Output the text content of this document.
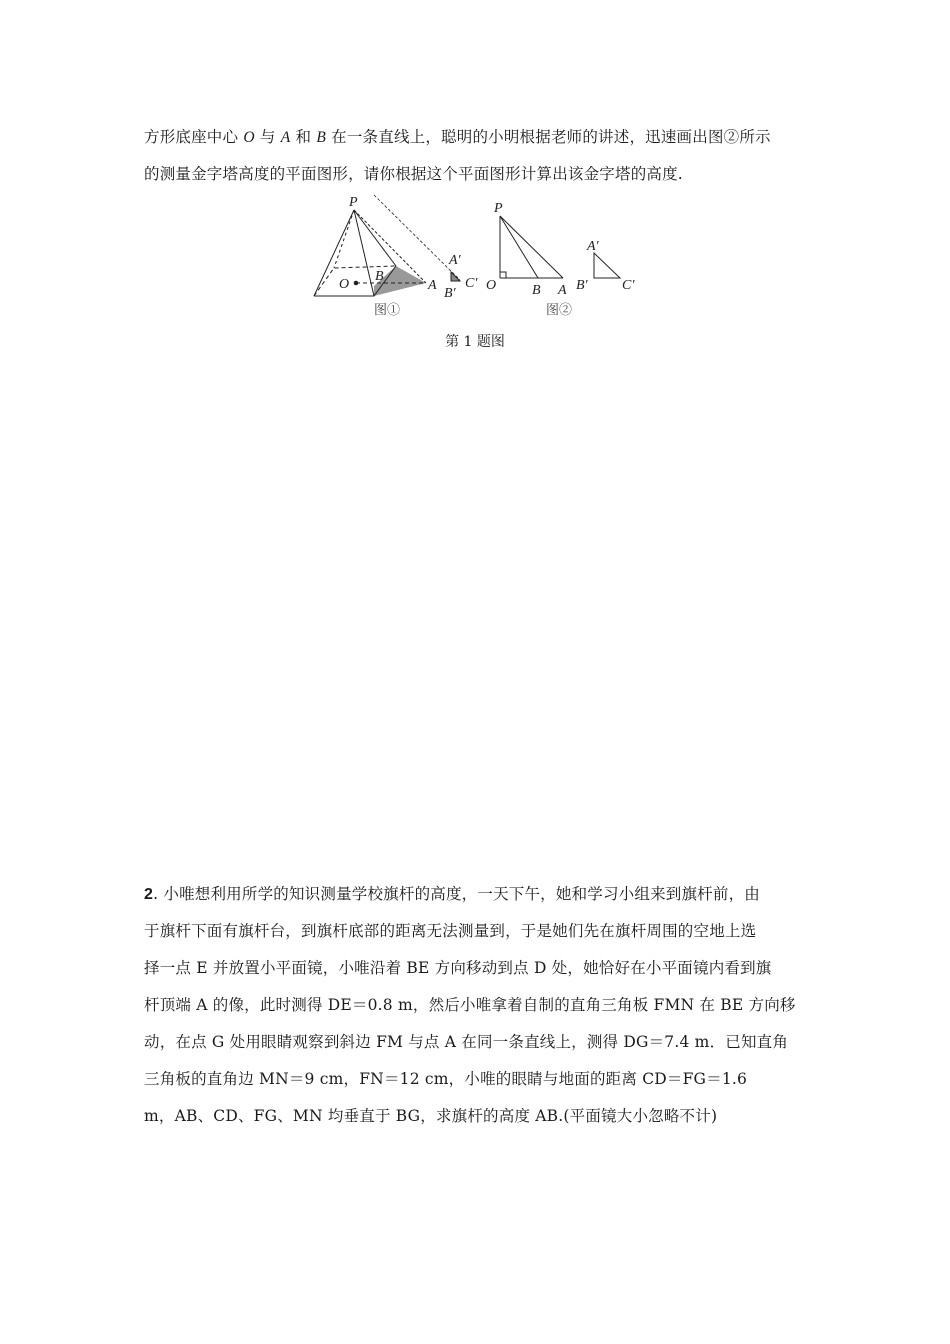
方形底座中心 O 与 A 和 B 在一条直线上，聪明的小明根据老师的讲述，迅速画出图②所示
的测量金字塔高度的平面图形，请你根据这个平面图形计算出该金字塔的高度.
P
O
B
A
A′
B′
C′
图①
P
O	B A
A′
B′ C′
图②
第 1 题图
2. 小唯想利用所学的知识测量学校旗杆的高度，一天下午，她和学习小组来到旗杆前，由
于旗杆下面有旗杆台，到旗杆底部的距离无法测量到，于是她们先在旗杆周围的空地上选
择一点 E 并放置小平面镜，小唯沿着 BE 方向移动到点 D 处，她恰好在小平面镜内看到旗
杆顶端 A 的像，此时测得 DE＝0.8 m，然后小唯拿着自制的直角三角板 FMN 在 BE 方向移
动，在点 G 处用眼睛观察到斜边 FM 与点 A 在同一条直线上，测得 DG＝7.4 m．已知直角
三角板的直角边 MN＝9 cm，FN＝12 cm，小唯的眼睛与地面的距离 CD＝FG＝1.6
m，AB、CD、FG、MN 均垂直于 BG，求旗杆的高度 AB.(平面镜大小忽略不计)
